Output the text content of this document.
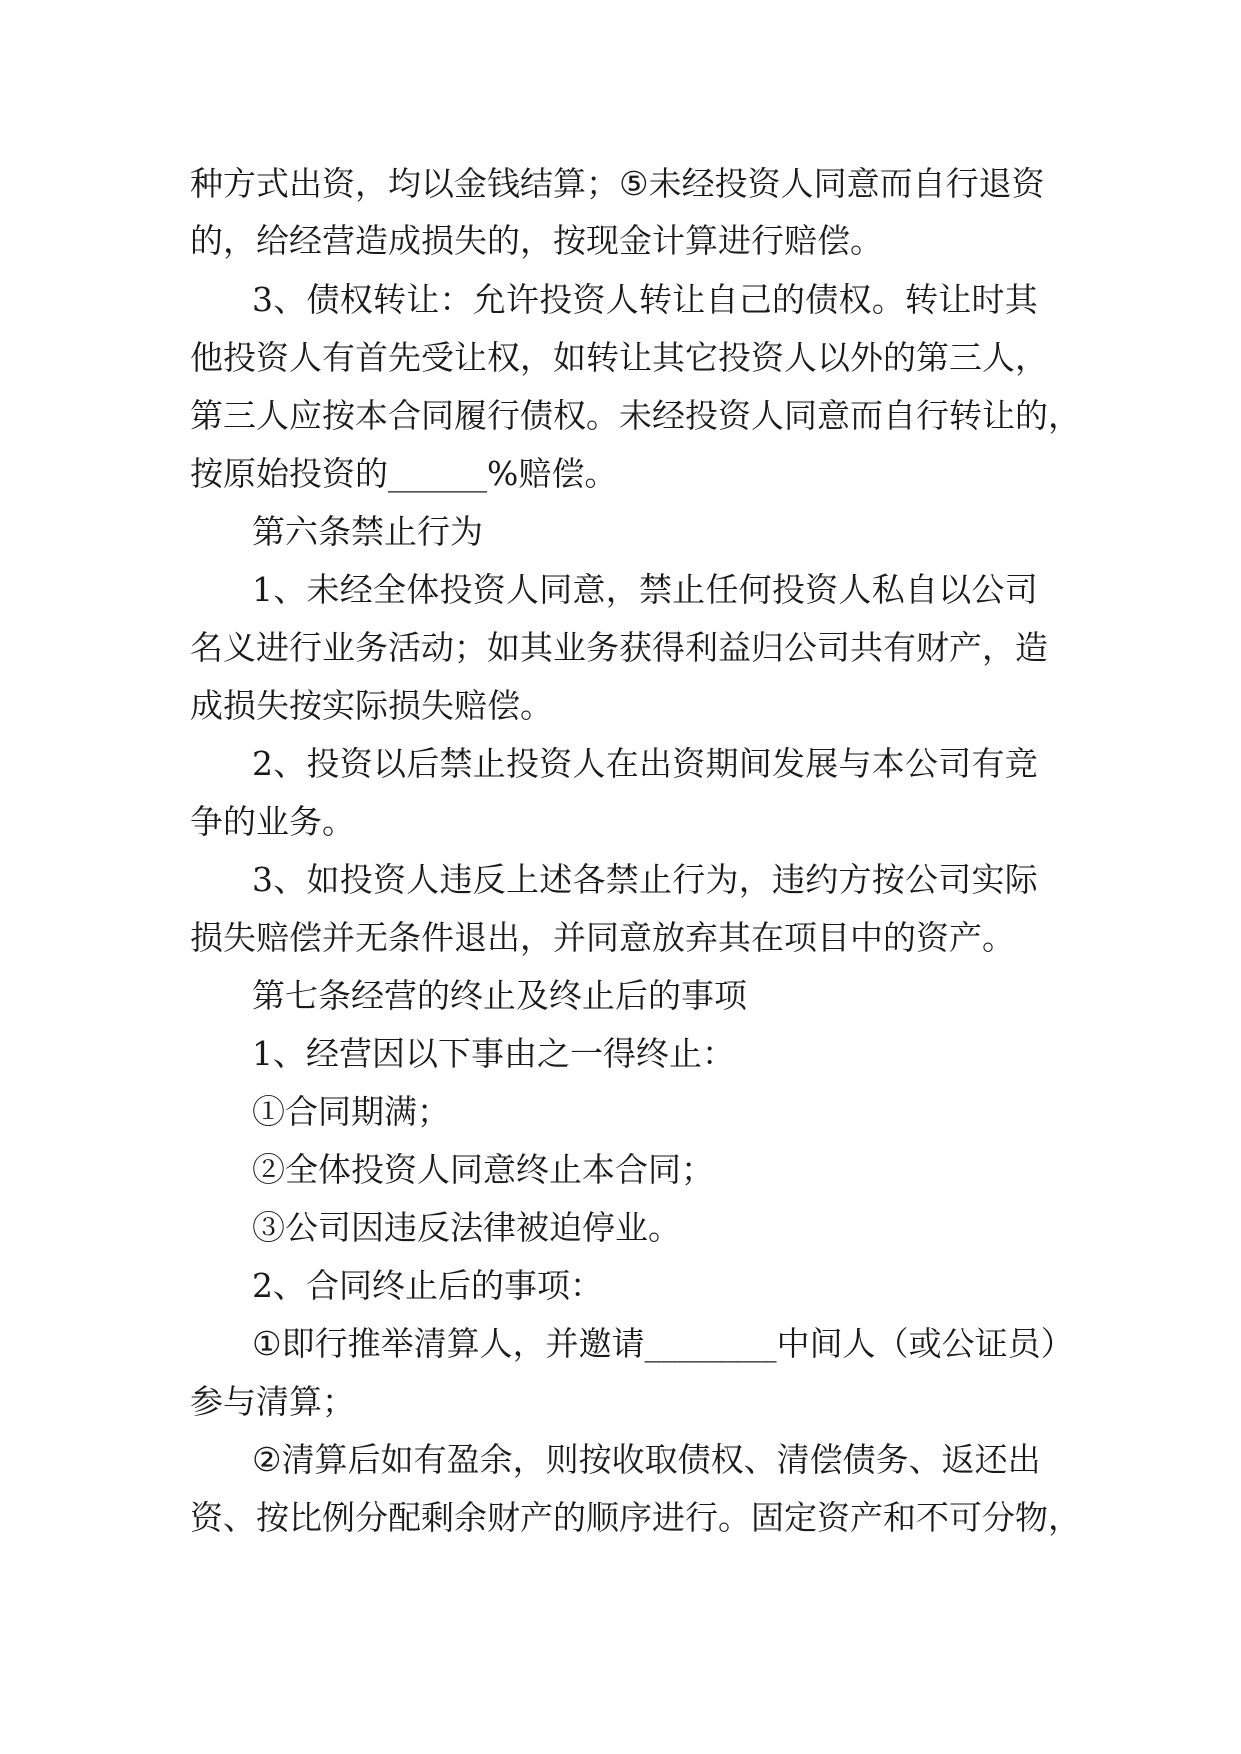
种 方 式 出 资 ， 均 以 金 钱 结 算 ； ⑤ 未 经 投 资 人 同 意 而 自 行 退 资
的，给经营造成损失的，按现金计算进行赔偿。
3 、 债 权 转 让 ： 允 许 投 资 人 转 让 自 己 的 债 权 。 转 让 时 其
他 投 资 人 有 首 先 受 让 权 ， 如 转 让 其 它 投 资 人 以 外 的 第 三 人 ，
第 三 人 应 按 本 合 同 履 行 债 权 。 未 经 投 资 人 同 意 而 自 行 转 让 的 ，
按原始投资的______%赔偿。
第六条禁止行为
1 、 未 经 全 体 投 资 人 同 意 ， 禁 止 任 何 投 资 人 私 自 以 公 司
名 义 进 行 业 务 活 动 ； 如 其 业 务 获 得 利 益 归 公 司 共 有 财 产 ， 造
成损失按实际损失赔偿。
2 、 投 资 以 后 禁 止 投 资 人 在 出 资 期 间 发 展 与 本 公 司 有 竞
争的业务。
3 、 如 投 资 人 违 反 上 述 各 禁 止 行 为 ， 违 约 方 按 公 司 实 际
损失赔偿并无条件退出，并同意放弃其在项目中的资产。
第七条经营的终止及终止后的事项
1、经营因以下事由之一得终止：
①合同期满；
②全体投资人同意终止本合同；
③公司因违反法律被迫停业。
2、合同终止后的事项：
① 即 行 推 举 清 算 人 ， 并 邀 请 _ _ _ _ _ _ _ _ 中 间 人 （ 或 公 证 员 ）
参与清算；
② 清 算 后 如 有 盈 余 ， 则 按 收 取 债 权 、 清 偿 债 务 、 返 还 出
资 、 按 比 例 分 配 剩 余 财 产 的 顺 序 进 行 。 固 定 资 产 和 不 可 分 物 ，
